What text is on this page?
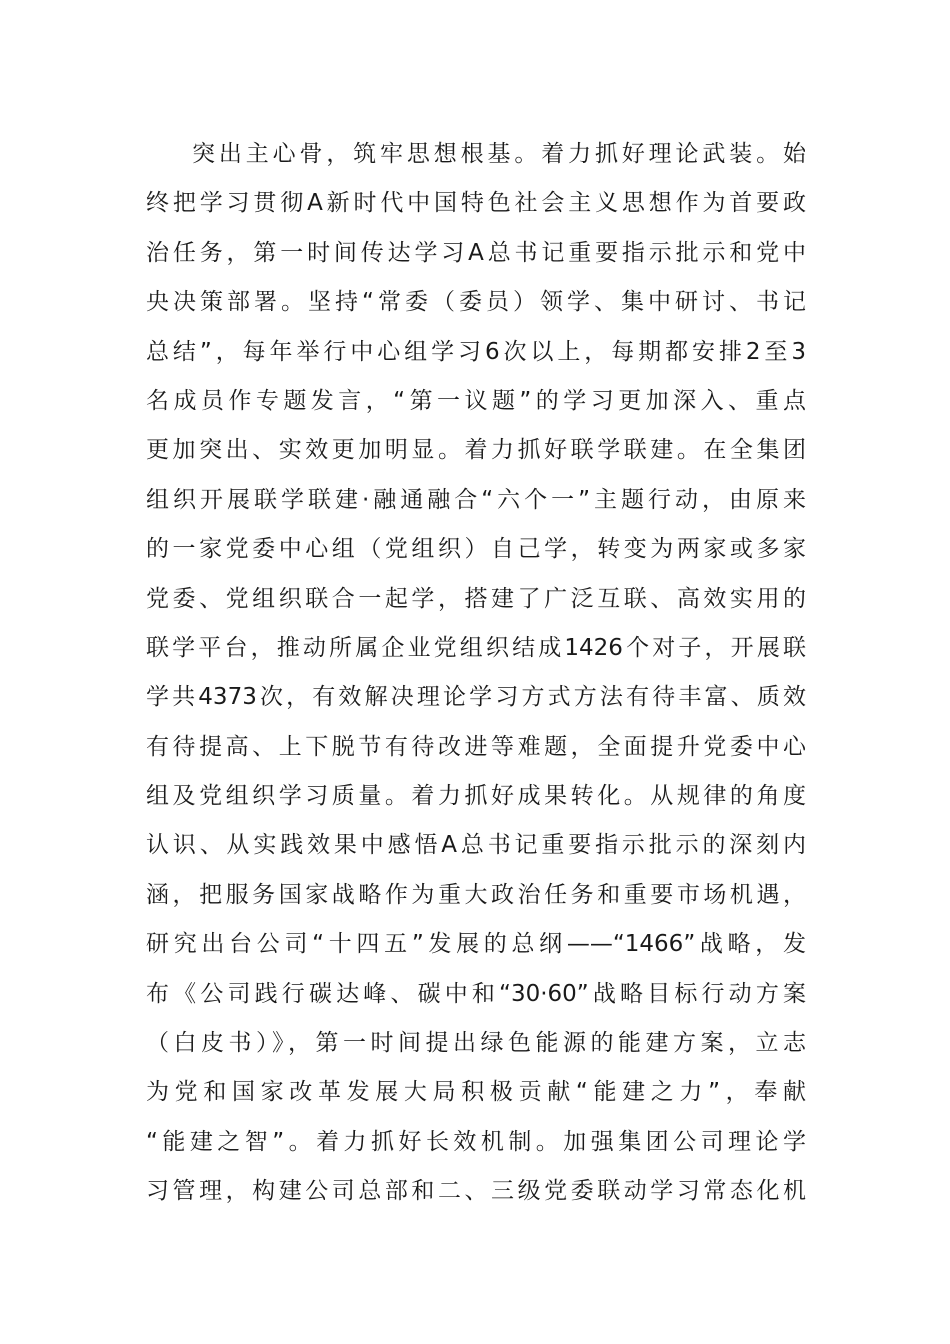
突出主心骨，筑牢思想根基。着力抓好理论武装。始
终把学习贯彻A新时代中国特色社会主义思想作为首要政
治任务，第一时间传达学习A总书记重要指示批示和党中
央决策部署。坚持“常委（委员）领学、集中研讨、书记
总结”，每年举行中心组学习6次以上，每期都安排2至3
名成员作专题发言，“第一议题”的学习更加深入、重点
更加突出、实效更加明显。着力抓好联学联建。在全集团
组织开展联学联建·融通融合“六个一”主题行动，由原来
的一家党委中心组（党组织）自己学，转变为两家或多家
党委、党组织联合一起学，搭建了广泛互联、高效实用的
联学平台，推动所属企业党组织结成1426个对子，开展联
学共4373次，有效解决理论学习方式方法有待丰富、质效
有待提高、上下脱节有待改进等难题，全面提升党委中心
组及党组织学习质量。着力抓好成果转化。从规律的角度
认识、从实践效果中感悟A总书记重要指示批示的深刻内
涵，把服务国家战略作为重大政治任务和重要市场机遇，
研究出台公司“十四五”发展的总纲——“1466”战略，发
布《公司践行碳达峰、碳中和“30·60”战略目标行动方案
（白皮书）》，第一时间提出绿色能源的能建方案，立志
为党和国家改革发展大局积极贡献“能建之力”，奉献
“能建之智”。着力抓好长效机制。加强集团公司理论学
习管理，构建公司总部和二、三级党委联动学习常态化机
